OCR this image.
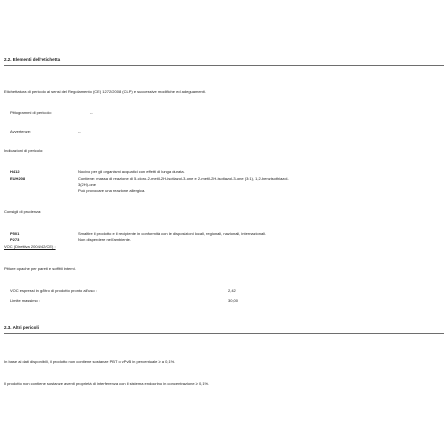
2.2. Elementi dell'etichetta
Etichettatura di pericolo ai sensi del Regolamento (CE) 1272/2008 (CLP) e successive modifiche ed adeguamenti.
Pittogrammi di pericolo:	--
Avvertenze:	--
Indicazioni di pericolo:
H412	Nocivo per gli organismi acquatici con effetti di lunga durata.
EUH208	Contiene: massa di reazione di 5-cloro-2-metil-2H-isotiazol-3-one e 2-metil-2H-isotiazol-3-one (3:1), 1,2-benzisothiazol-
3(2H)-one
Può provocare una reazione allergica.
Consigli di prudenza:
P501	Smaltire il prodotto e il recipiente in conformità con le disposizioni locali, regionali, nazionali, internazionali.
P273	Non disperdere nell'ambiente.
VOC (Direttiva 2004/42/CE) :
Pitture opache per pareti e soffitti interni.
VOC espressi in g/litro di prodotto pronto all'uso :	2,42
Limite massimo :	30,00
2.3. Altri pericoli
In base ai dati disponibili, il prodotto non contiene sostanze PBT o vPvB in percentuale ≥ a 0,1%.
Il prodotto non contiene sostanze aventi proprietà di interferenza con il sistema endocrino in concentrazione ≥ 0,1%.
